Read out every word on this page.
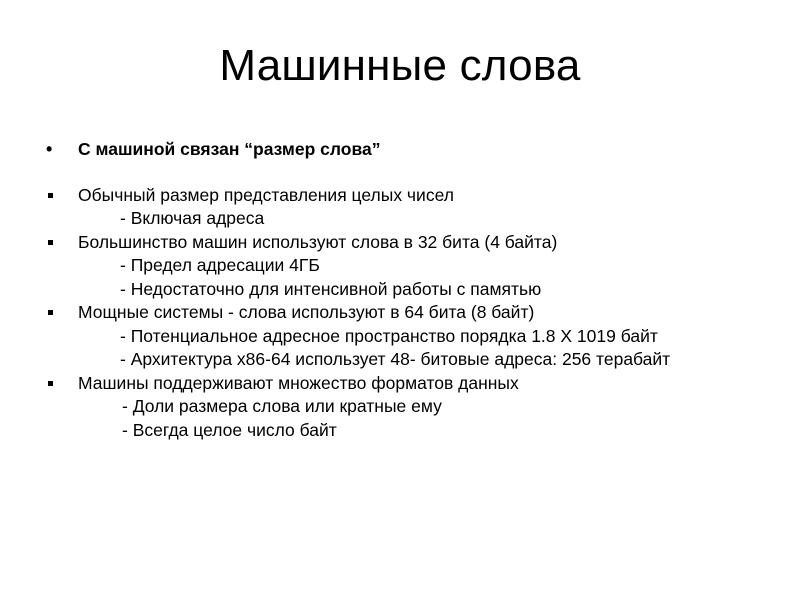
Машинные слова
•	С машиной связан “размер слова”
Обычный размер представления целых чисел
- Включая адреса
Большинство машин используют слова в 32 бита (4 байта)
- Предел адресации 4ГБ
- Недостаточно для интенсивной работы с памятью
Мощные системы - слова используют в 64 бита (8 байт)
- Потенциальное адресное пространство порядка 1.8 X 1019 байт
- Архитектура x86-64 использует 48- битовые адреса: 256 терабайт
Машины поддерживают множество форматов данных
- Доли размера слова или кратные ему
- Всегда целое число байт
